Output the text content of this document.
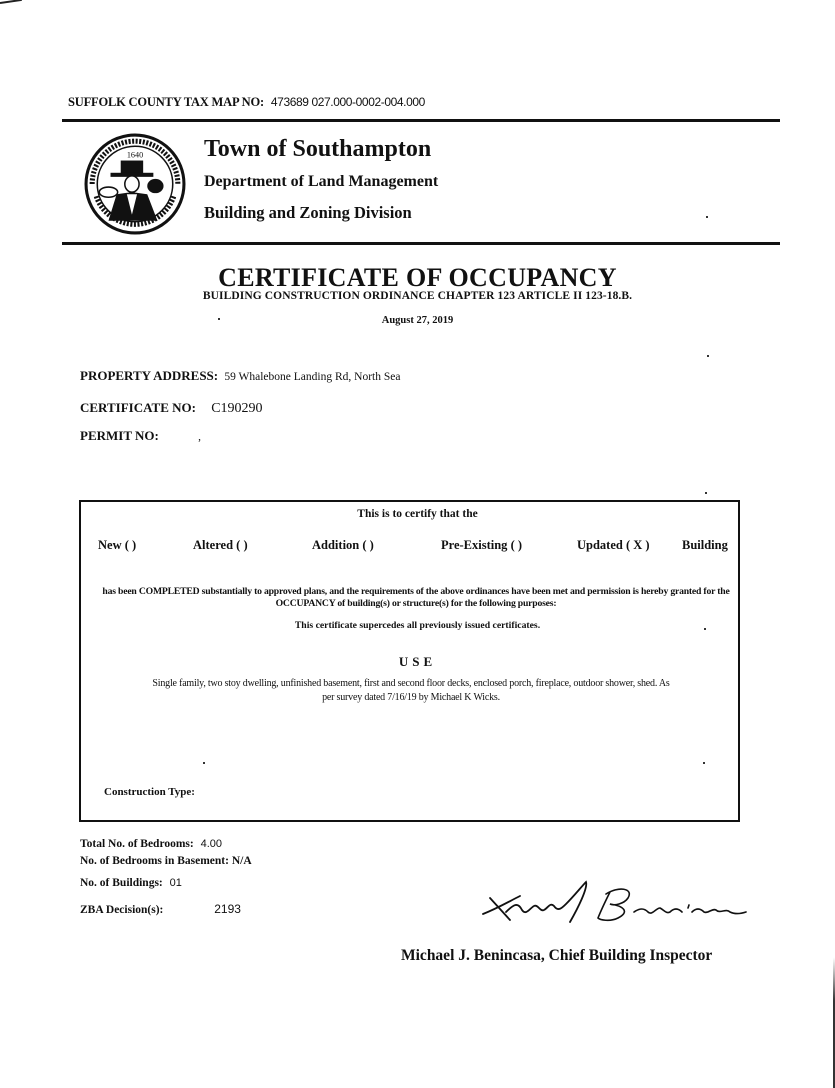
SUFFOLK COUNTY TAX MAP NO: 473689 027.000-0002-004.000
1640	Town of Southampton
Department of Land Management
Building and Zoning Division
CERTIFICATE OF OCCUPANCY
BUILDING CONSTRUCTION ORDINANCE CHAPTER 123 ARTICLE II 123-18.B.
August 27, 2019
PROPERTY ADDRESS: 59 Whalebone Landing Rd, North Sea
CERTIFICATE NO: C190290
PERMIT NO:	,
This is to certify that the
New ( )	Altered ( )	Addition ( )	Pre-Existing ( )	Updated ( X )	Building
has been COMPLETED substantially to approved plans, and the requirements of the above ordinances have been met and permission is hereby granted for the OCCUPANCY of building(s) or structure(s) for the following purposes:
This certificate supercedes all previously issued certificates.
USE
Single family, two stoy dwelling, unfinished basement, first and second floor decks, enclosed porch, fireplace, outdoor shower, shed. As per survey dated 7/16/19 by Michael K Wicks.
Construction Type:
Total No. of Bedrooms: 4.00
No. of Bedrooms in Basement: N/A
No. of Buildings: 01
ZBA Decision(s):	2193
Michael J. Benincasa, Chief Building Inspector
